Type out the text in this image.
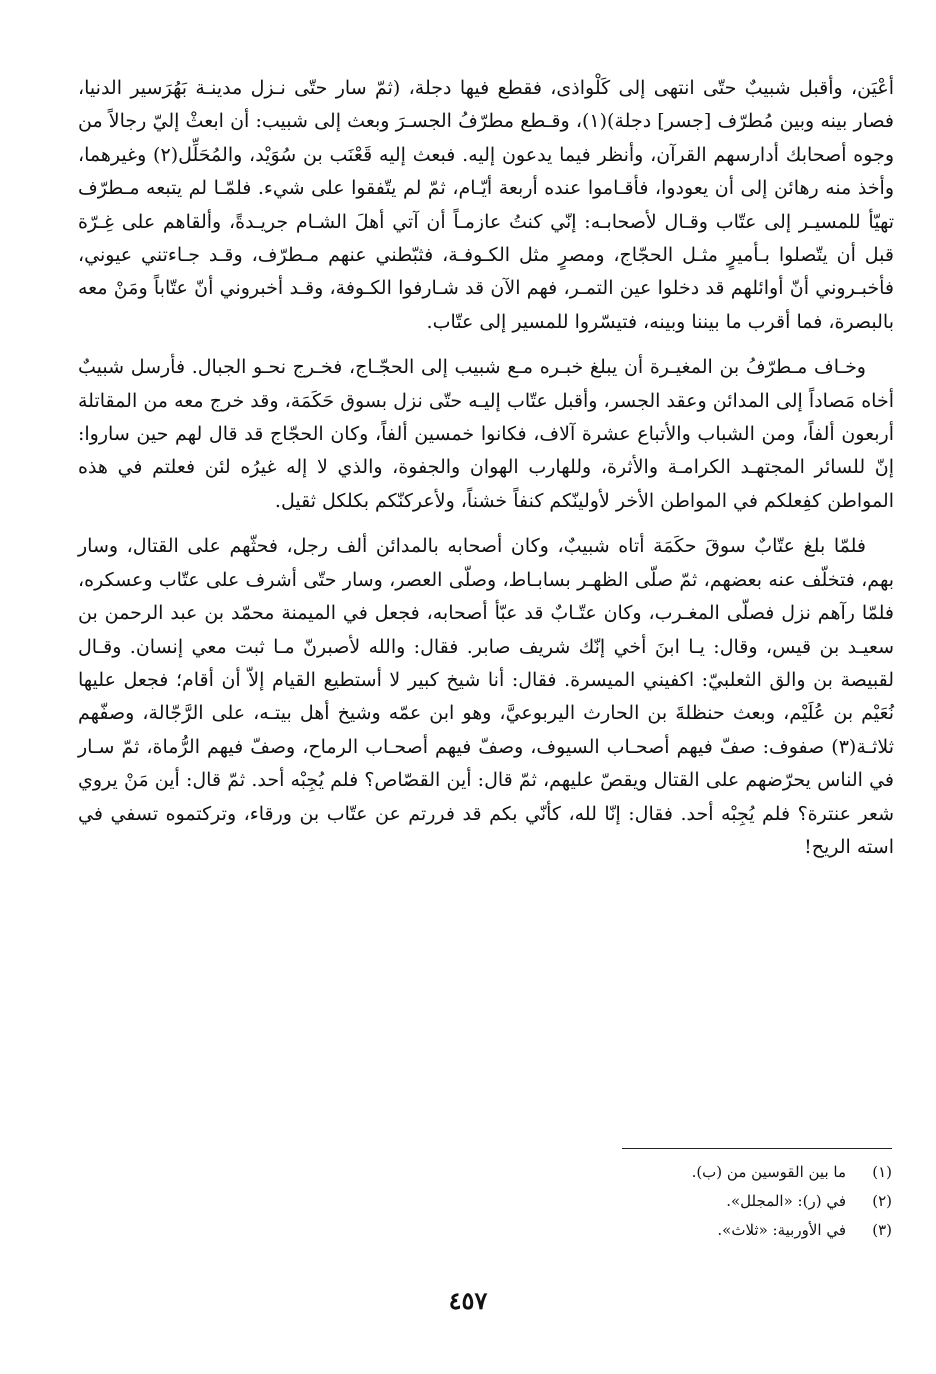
أعْيَن، وأقبل شبيبٌ حتّى انتهى إلى كَلْواذى، فقطع فيها دجلة، (ثمّ سار حتّى نـزل مدينـة بَهُرَسير الدنيا، فصار بينه وبين مُطرّف [جسر] دجلة)(١)، وقـطع مطرّفُ الجسـرَ وبعث إلى شبيب: أن ابعثْ إليّ رجالاً من وجوه أصحابك أدارسهم القرآن، وأنظر فيما يدعون إليه. فبعث إليه قَعْنَب بن سُوَيْد، والمُحَلِّل(٢) وغيرهما، وأخذ منه رهائن إلى أن يعودوا، فأقـاموا عنده أربعة أيّـام، ثمّ لم يتّفقوا على شيء. فلمّـا لم يتبعه مـطرّف تهيّأ للمسيـر إلى عتّاب وقـال لأصحابـه: إنّي كنتُ عازمـاً أن آتي أهلَ الشـام جريـدةً، وألقاهم على غِـرّة قبل أن يتّصلوا بـأميرٍ مثـل الحجّاج، ومصرٍ مثل الكـوفـة، فثبّطني عنهم مـطرّف، وقـد جـاءتني عيوني، فأخبـروني أنّ أوائلهم قد دخلوا عين التمـر، فهم الآن قد شـارفوا الكـوفة، وقـد أخبروني أنّ عتّاباً ومَنْ معه بالبصرة، فما أقرب ما بيننا وبينه، فتيسّروا للمسير إلى عتّاب.

وخـاف مـطرّفُ بن المغيـرة أن يبلغ خبـره مـع شبيب إلى الحجّـاج، فخـرج نحـو الجبال. فأرسل شبيبٌ أخاه مَصاداً إلى المدائن وعقد الجسر، وأقبل عتّاب إليـه حتّى نزل بسوق حَكَمَة، وقد خرج معه من المقاتلة أربعون ألفاً، ومن الشباب والأتباع عشرة آلاف، فكانوا خمسين ألفاً، وكان الحجّاج قد قال لهم حين ساروا: إنّ للسائر المجتهـد الكرامـة والأثرة، وللهارب الهوان والجفوة، والذي لا إله غيرُه لئن فعلتم في هذه المواطن كفِعلكم في المواطن الأخر لأولينّكم كنفاً خشناً، ولأعركنّكم بكلكل ثقيل.

فلمّا بلغ عتّابٌ سوقَ حكَمَة أتاه شبيبٌ، وكان أصحابه بالمدائن ألف رجل، فحثّهم على القتال، وسار بهم، فتخلّف عنه بعضهم، ثمّ صلّى الظهـر بسابـاط، وصلّى العصر، وسار حتّى أشرف على عتّاب وعسكره، فلمّا رآهم نزل فصلّى المغـرب، وكان عتّـابٌ قد عبّأ أصحابه، فجعل في الميمنة محمّد بن عبد الرحمن بن سعيـد بن قيس، وقال: يـا ابنَ أخي إنّك شريف صابر. فقال: والله لأصبرنّ مـا ثبت معي إنسان. وقـال لقبيصة بن والق الثعلبيّ: اكفيني الميسرة. فقال: أنا شيخ كبير لا أستطيع القيام إلاّ أن أقام؛ فجعل عليها نُعَيْم بن عُلَيْم، وبعث حنظلةَ بن الحارث اليربوعيَّ، وهو ابن عمّه وشيخ أهل بيتـه، على الرَّجّالة، وصفّهم ثلاثـة(٣) صفوف: صفّ فيهم أصحـاب السيوف، وصفّ فيهم أصحـاب الرماح، وصفّ فيهم الرُّماة، ثمّ سـار في الناس يحرّضهم على القتال ويقصّ عليهم، ثمّ قال: أين القصّاص؟ فلم يُجِبْه أحد. ثمّ قال: أين مَنْ يروي شعر عنترة؟ فلم يُجِبْه أحد. فقال: إنّا لله، كأنّي بكم قد فررتم عن عتّاب بن ورقاء، وتركتموه تسفي في استه الريح!

(١)
ما بين القوسين من (ب).
(٢)
في (ر): «المجلل».
(٣)
في الأوربية: «ثلاث».
٤٥٧
